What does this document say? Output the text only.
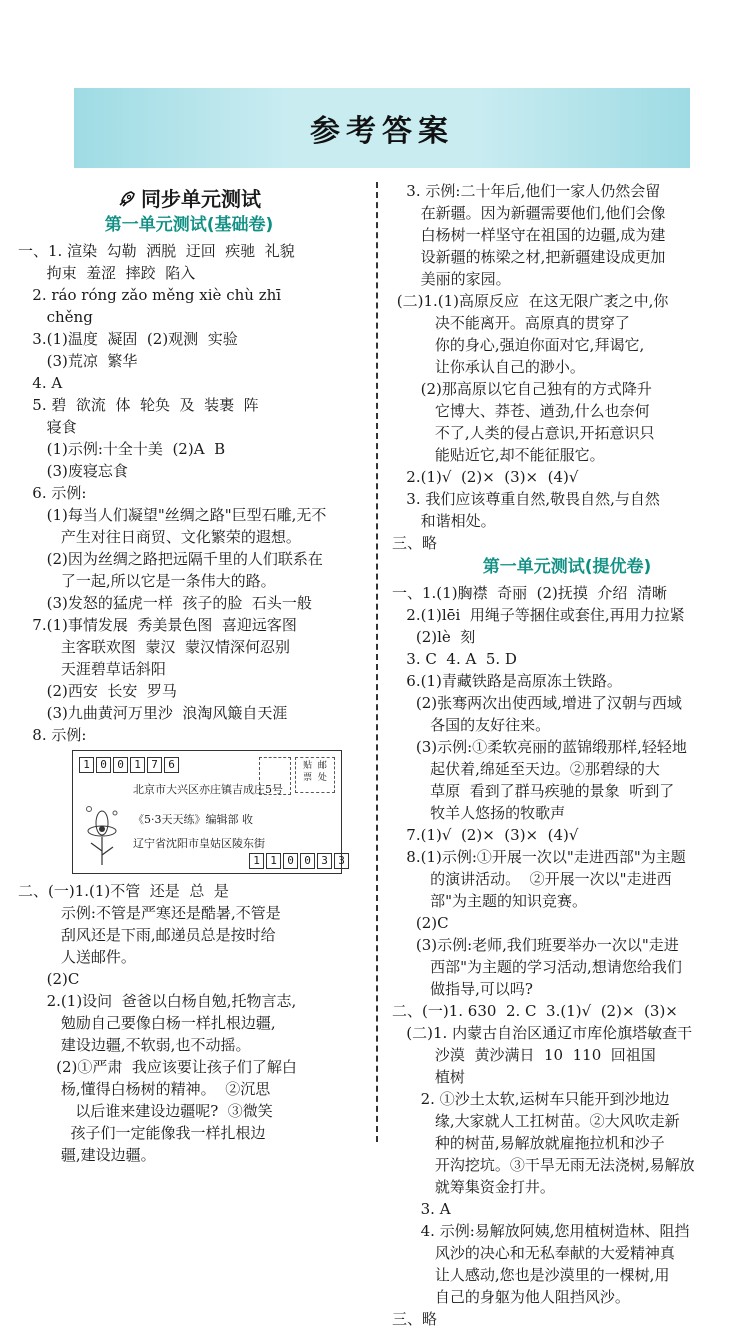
参考答案
同步单元测试
第一单元测试(基础卷)
一、1. 渲染  勾勒  洒脱  迂回  疾驰  礼貌
拘束  羞涩  摔跤  陷入
2. ráo róng zǎo měng xiè chù zhī
chěng
3.(1)温度  凝固  (2)观测  实验
(3)荒凉  繁华
4. A
5. 碧  欲流  体  轮奂  及  装裹  阵
寝食
(1)示例:十全十美  (2)A  B
(3)废寝忘食
6. 示例:
(1)每当人们凝望"丝绸之路"巨型石雕,无不
产生对往日商贸、文化繁荣的遐想。
(2)因为丝绸之路把远隔千里的人们联系在
了一起,所以它是一条伟大的路。
(3)发怒的猛虎一样  孩子的脸  石头一般
7.(1)事情发展  秀美景色图  喜迎远客图
主客联欢图  蒙汉  蒙汉情深何忍别
天涯碧草话斜阳
(2)西安  长安  罗马
(3)九曲黄河万里沙  浪淘风簸自天涯
8. 示例:
1 0 0 1 7 6	贴  邮
票  处
北京市大兴区亦庄镇吉成庄5号
《5·3天天练》编辑部 收
辽宁省沈阳市皇姑区陵东街
1 1 0 0 3 3
二、(一)1.(1)不管  还是  总  是
示例:不管是严寒还是酷暑,不管是
刮风还是下雨,邮递员总是按时给
人送邮件。
(2)C
2.(1)设问  爸爸以白杨自勉,托物言志,
勉励自己要像白杨一样扎根边疆,
建设边疆,不软弱,也不动摇。
(2)①严肃  我应该要让孩子们了解白
杨,懂得白杨树的精神。  ②沉思
以后谁来建设边疆呢?  ③微笑
孩子们一定能像我一样扎根边
疆,建设边疆。
3. 示例:二十年后,他们一家人仍然会留
在新疆。因为新疆需要他们,他们会像
白杨树一样坚守在祖国的边疆,成为建
设新疆的栋梁之材,把新疆建设成更加
美丽的家园。
(二)1.(1)高原反应  在这无限广袤之中,你
决不能离开。高原真的贯穿了
你的身心,强迫你面对它,拜谒它,
让你承认自己的渺小。
(2)那高原以它自己独有的方式降升
它博大、莽苍、遒劲,什么也奈何
不了,人类的侵占意识,开拓意识只
能贴近它,却不能征服它。
2.(1)√  (2)×  (3)×  (4)√
3. 我们应该尊重自然,敬畏自然,与自然
和谐相处。
三、略
第一单元测试(提优卷)
一、1.(1)胸襟  奇丽  (2)抚摸  介绍  清晰
2.(1)lēi  用绳子等捆住或套住,再用力拉紧
(2)lè  刻
3. C  4. A  5. D
6.(1)青藏铁路是高原冻土铁路。
(2)张骞两次出使西域,增进了汉朝与西域
各国的友好往来。
(3)示例:①柔软亮丽的蓝锦缎那样,轻轻地
起伏着,绵延至天边。②那碧绿的大
草原  看到了群马疾驰的景象  听到了
牧羊人悠扬的牧歌声
7.(1)√  (2)×  (3)×  (4)√
8.(1)示例:①开展一次以"走进西部"为主题
的演讲活动。  ②开展一次以"走进西
部"为主题的知识竞赛。
(2)C
(3)示例:老师,我们班要举办一次以"走进
西部"为主题的学习活动,想请您给我们
做指导,可以吗?
二、(一)1. 630  2. C  3.(1)√  (2)×  (3)×
(二)1. 内蒙古自治区通辽市库伦旗塔敏查干
沙漠  黄沙满日  10  110  回祖国
植树
2. ①沙土太软,运树车只能开到沙地边
缘,大家就人工扛树苗。②大风吹走新
种的树苗,易解放就雇拖拉机和沙子
开沟挖坑。③干旱无雨无法浇树,易解放
就筹集资金打井。
3. A
4. 示例:易解放阿姨,您用植树造林、阻挡
风沙的决心和无私奉献的大爱精神真
让人感动,您也是沙漠里的一棵树,用
自己的身躯为他人阻挡风沙。
三、略
